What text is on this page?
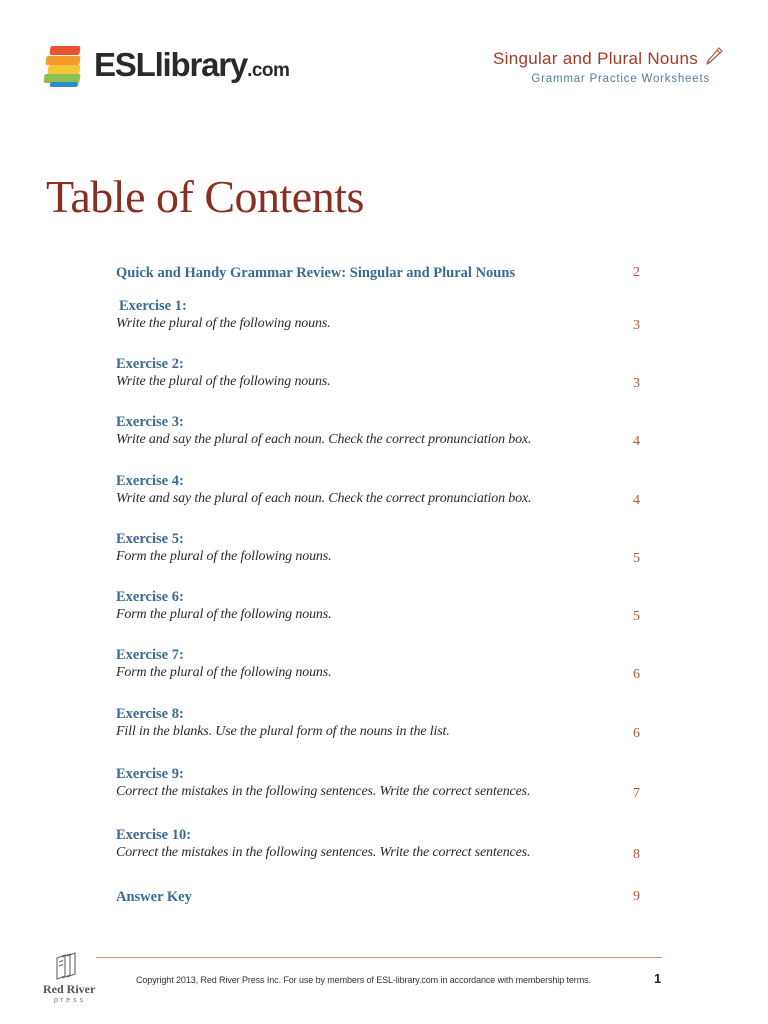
ESLlibrary.com
Singular and Plural Nouns
Grammar Practice Worksheets
Table of Contents
Quick and Handy Grammar Review: Singular and Plural Nouns	2
Exercise 1:
Write the plural of the following nouns.	3
Exercise 2:
Write the plural of the following nouns.	3
Exercise 3:
Write and say the plural of each noun. Check the correct pronunciation box.	4
Exercise 4:
Write and say the plural of each noun. Check the correct pronunciation box.	4
Exercise 5:
Form the plural of the following nouns.	5
Exercise 6:
Form the plural of the following nouns.	5
Exercise 7:
Form the plural of the following nouns.	6
Exercise 8:
Fill in the blanks. Use the plural form of the nouns in the list.	6
Exercise 9:
Correct the mistakes in the following sentences. Write the correct sentences.	7
Exercise 10:
Correct the mistakes in the following sentences. Write the correct sentences.	8
Answer Key	9
Red River
press
Copyright 2013, Red River Press Inc. For use by members of ESL-library.com in accordance with membership terms.	1
